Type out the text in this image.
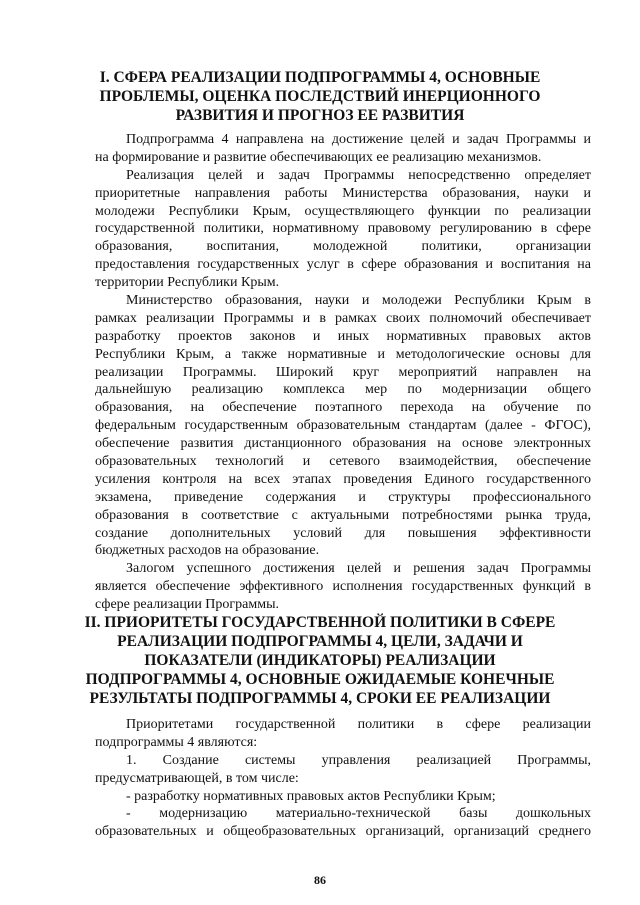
I. СФЕРА РЕАЛИЗАЦИИ ПОДПРОГРАММЫ 4, ОСНОВНЫЕ
ПРОБЛЕМЫ, ОЦЕНКА ПОСЛЕДСТВИЙ ИНЕРЦИОННОГО
РАЗВИТИЯ И ПРОГНОЗ ЕЕ РАЗВИТИЯ
Подпрограмма 4 направлена на достижение целей и задач Программы и
на формирование и развитие обеспечивающих ее реализацию механизмов.
Реализация целей и задач Программы непосредственно определяет
приоритетные направления работы Министерства образования, науки и
молодежи Республики Крым, осуществляющего функции по реализации
государственной политики, нормативному правовому регулированию в сфере
образования, воспитания, молодежной политики, организации
предоставления государственных услуг в сфере образования и воспитания на
территории Республики Крым.
Министерство образования, науки и молодежи Республики Крым в
рамках реализации Программы и в рамках своих полномочий обеспечивает
разработку проектов законов и иных нормативных правовых актов
Республики Крым, а также нормативные и методологические основы для
реализации Программы. Широкий круг мероприятий направлен на
дальнейшую реализацию комплекса мер по модернизации общего
образования, на обеспечение поэтапного перехода на обучение по
федеральным государственным образовательным стандартам (далее - ФГОС),
обеспечение развития дистанционного образования на основе электронных
образовательных технологий и сетевого взаимодействия, обеспечение
усиления контроля на всех этапах проведения Единого государственного
экзамена, приведение содержания и структуры профессионального
образования в соответствие с актуальными потребностями рынка труда,
создание дополнительных условий для повышения эффективности
бюджетных расходов на образование.
Залогом успешного достижения целей и решения задач Программы
является обеспечение эффективного исполнения государственных функций в
сфере реализации Программы.
II. ПРИОРИТЕТЫ ГОСУДАРСТВЕННОЙ ПОЛИТИКИ В СФЕРЕ
РЕАЛИЗАЦИИ ПОДПРОГРАММЫ 4, ЦЕЛИ, ЗАДАЧИ И
ПОКАЗАТЕЛИ (ИНДИКАТОРЫ) РЕАЛИЗАЦИИ
ПОДПРОГРАММЫ 4, ОСНОВНЫЕ ОЖИДАЕМЫЕ КОНЕЧНЫЕ
РЕЗУЛЬТАТЫ ПОДПРОГРАММЫ 4, СРОКИ ЕЕ РЕАЛИЗАЦИИ
Приоритетами государственной политики в сфере реализации
подпрограммы 4 являются:
1. Создание системы управления реализацией Программы,
предусматривающей, в том числе:
- разработку нормативных правовых актов Республики Крым;
- модернизацию материально-технической базы дошкольных
образовательных и общеобразовательных организаций, организаций среднего
86
